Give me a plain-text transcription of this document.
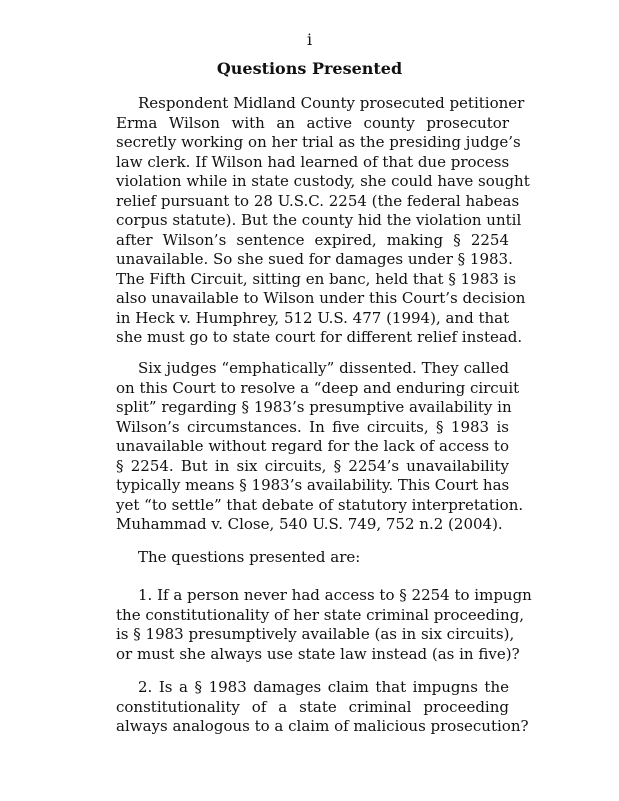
i
Questions Presented
Respondent Midland County prosecuted petitioner
Erma Wilson with an active county prosecutor
secretly working on her trial as the presiding judge’s
law clerk. If Wilson had learned of that due process
violation while in state custody, she could have sought
relief pursuant to 28 U.S.C. 2254 (the federal habeas
corpus statute). But the county hid the violation until
after Wilson’s sentence expired, making § 2254
unavailable. So she sued for damages under § 1983.
The Fifth Circuit, sitting en banc, held that § 1983 is
also unavailable to Wilson under this Court’s decision
in Heck v. Humphrey, 512 U.S. 477 (1994), and that
she must go to state court for different relief instead.
Six judges “emphatically” dissented. They called
on this Court to resolve a “deep and enduring circuit
split” regarding § 1983’s presumptive availability in
Wilson’s circumstances. In five circuits, § 1983 is
unavailable without regard for the lack of access to
§ 2254. But in six circuits, § 2254’s unavailability
typically means § 1983’s availability. This Court has
yet “to settle” that debate of statutory interpretation.
Muhammad v. Close, 540 U.S. 749, 752 n.2 (2004).
The questions presented are:
1. If a person never had access to § 2254 to impugn
the constitutionality of her state criminal proceeding,
is § 1983 presumptively available (as in six circuits),
or must she always use state law instead (as in five)?
2. Is a § 1983 damages claim that impugns the
constitutionality of a state criminal proceeding
always analogous to a claim of malicious prosecution?
